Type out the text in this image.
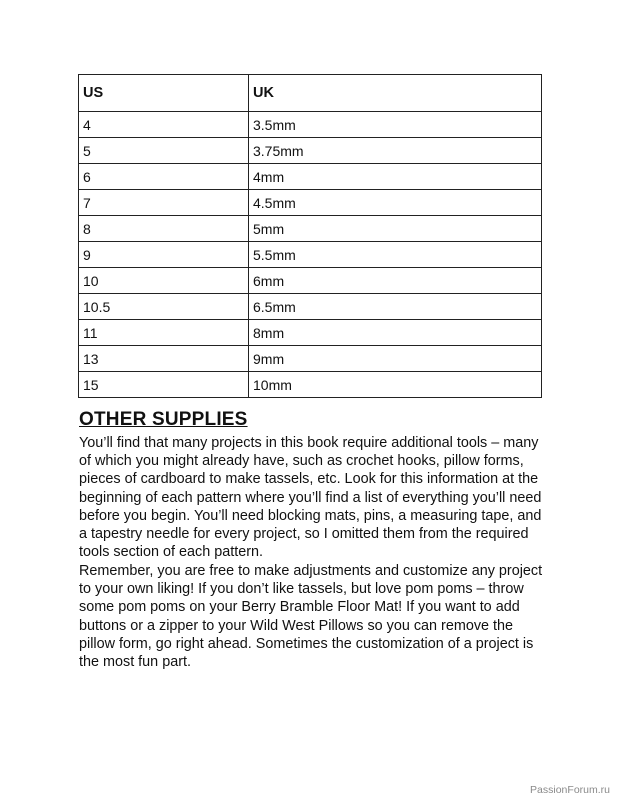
US	UK
4	3.5mm
5	3.75mm
6	4mm
7	4.5mm
8	5mm
9	5.5mm
10	6mm
10.5	6.5mm
11	8mm
13	9mm
15	10mm
OTHER SUPPLIES

You’ll find that many projects in this book require additional tools – many of which you might already have, such as crochet hooks, pillow forms, pieces of cardboard to make tassels, etc. Look for this information at the beginning of each pattern where you’ll find a list of everything you’ll need before you begin. You’ll need blocking mats, pins, a measuring tape, and a tapestry needle for every project, so I omitted them from the required tools section of each pattern.

Remember, you are free to make adjustments and customize any project to your own liking! If you don’t like tassels, but love pom poms – throw some pom poms on your Berry Bramble Floor Mat! If you want to add buttons or a zipper to your Wild West Pillows so you can remove the pillow form, go right ahead. Sometimes the customization of a project is the most fun part.

PassionForum.ru
